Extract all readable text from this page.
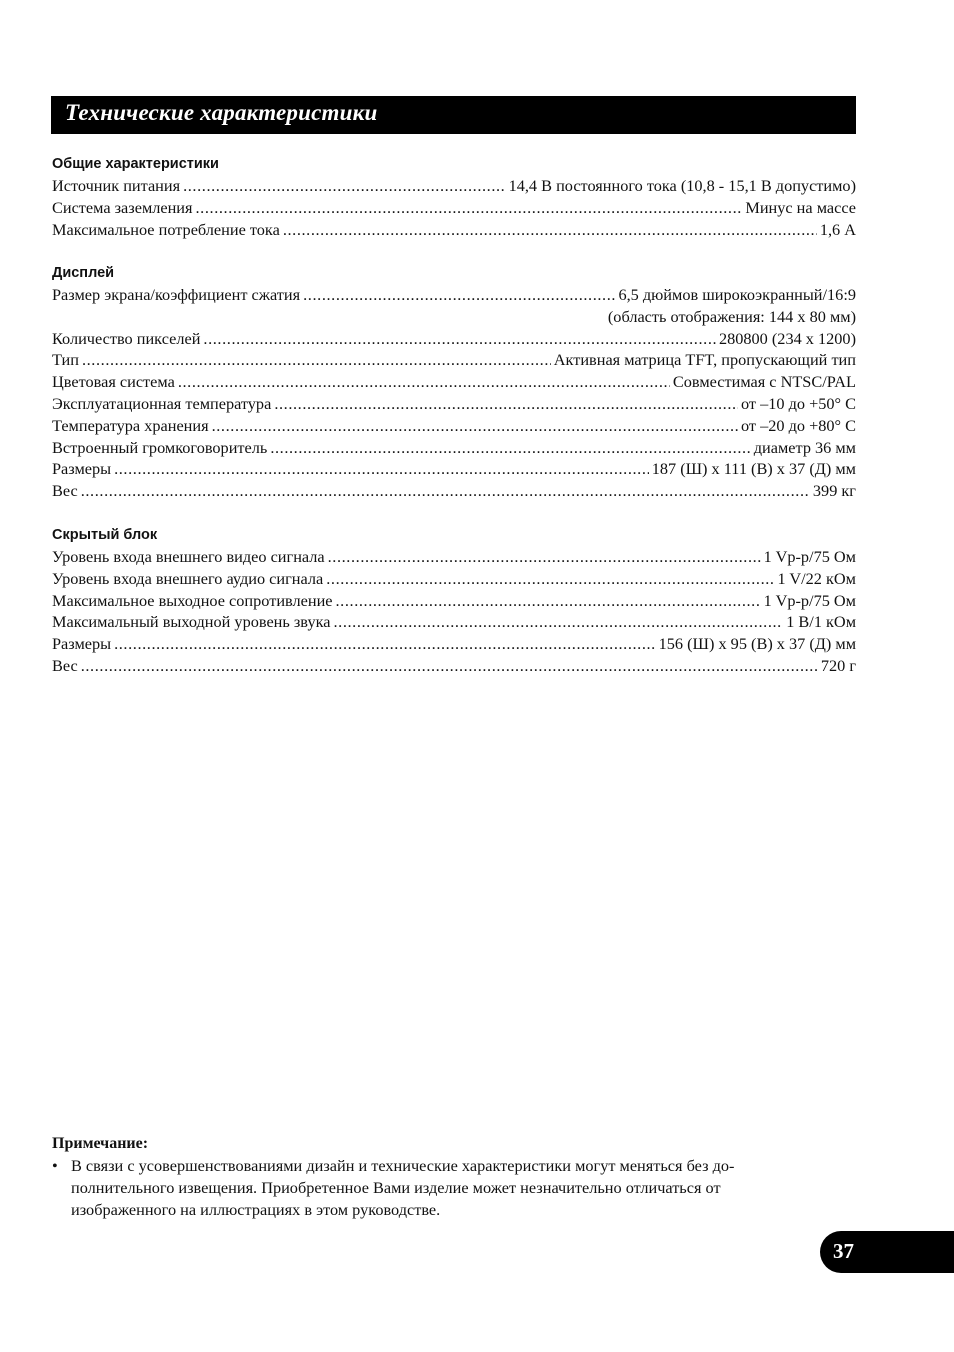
Технические характеристики
Общие характеристики
Источник питания .....	14,4 В постоянного тока (10,8 - 15,1 В допустимо)
Система заземления .....	Минус на массе
Максимальное потребление тока .....	1,6 А
Дисплей
Размер экрана/коэффициент сжатия .....	6,5 дюймов широкоэкранный/16:9
(область отображения: 144 x 80 мм)
Количество пикселей .....	280800 (234 x 1200)
Тип .....	Активная матрица TFT, пропускающий тип
Цветовая система .....	Совместимая с NTSC/PAL
Эксплуатационная температура .....	от –10 до +50° C
Температура хранения .....	от –20 до +80° C
Встроенный громкоговоритель .....	диаметр 36 мм
Размеры .....	187 (Ш) x 111 (В) x 37 (Д) мм
Вес .....	399 кг
Скрытый блок
Уровень входа внешнего видео сигнала .....	1 Vp-p/75 Ом
Уровень входа внешнего аудио сигнала .....	1 V/22 кОм
Максимальное выходное сопротивление .....	1 Vp-p/75 Ом
Максимальный выходной уровень звука .....	1 В/1 кОм
Размеры .....	156 (Ш) x 95 (В) x 37 (Д) мм
Вес .....	720 г
Примечание:
• В связи с усовершенствованиями дизайн и технические характеристики могут меняться без до-
полнительного извещения. Приобретенное Вами изделие может незначительно отличаться от
изображенного на иллюстрациях в этом руководстве.
37
